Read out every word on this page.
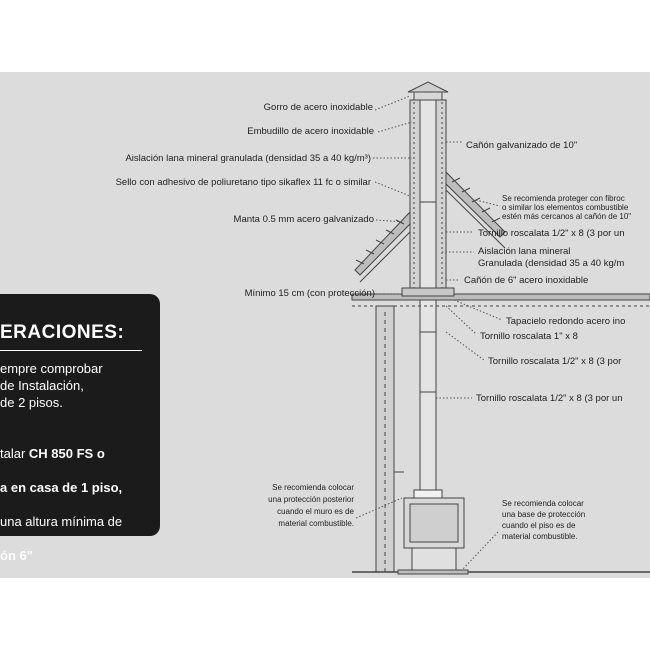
Gorro de acero inoxidable
Embudillo de acero inoxidable
Aislación lana mineral granulada (densidad 35 a 40 kg/m³)
Sello con adhesivo de poliuretano tipo sikaflex 11 fc o similar
Manta 0.5 mm acero galvanizado
Mínimo 15 cm (con protección)
Cañón galvanizado de 10"
Se recomienda proteger con fibroc
o similar los elementos combustible
estén más cercanos al cañón de 10"
Tornillo roscalata 1/2" x 8 (3 por un
Aislación lana mineral
Granulada (densidad 35 a 40 kg/m
Cañón de 6" acero inoxidable
Tapacielo redondo acero ino
Tornillo roscalata 1" x 8
Tornillo roscalata 1/2" x 8 (3 por
Tornillo roscalata 1/2" x 8 (3 por un
Se recomienda colocar
una protección posterior
cuando el muro es de
material combustible.
Se recomienda colocar
una base de protección
cuando el piso es de
material combustible.
ERACIONES:
empre comprobar
de Instalación,
de 2 pisos.

talar CH 850 FS o

a en casa de 1 piso,

una altura mínima de

ón 6"

o más.
